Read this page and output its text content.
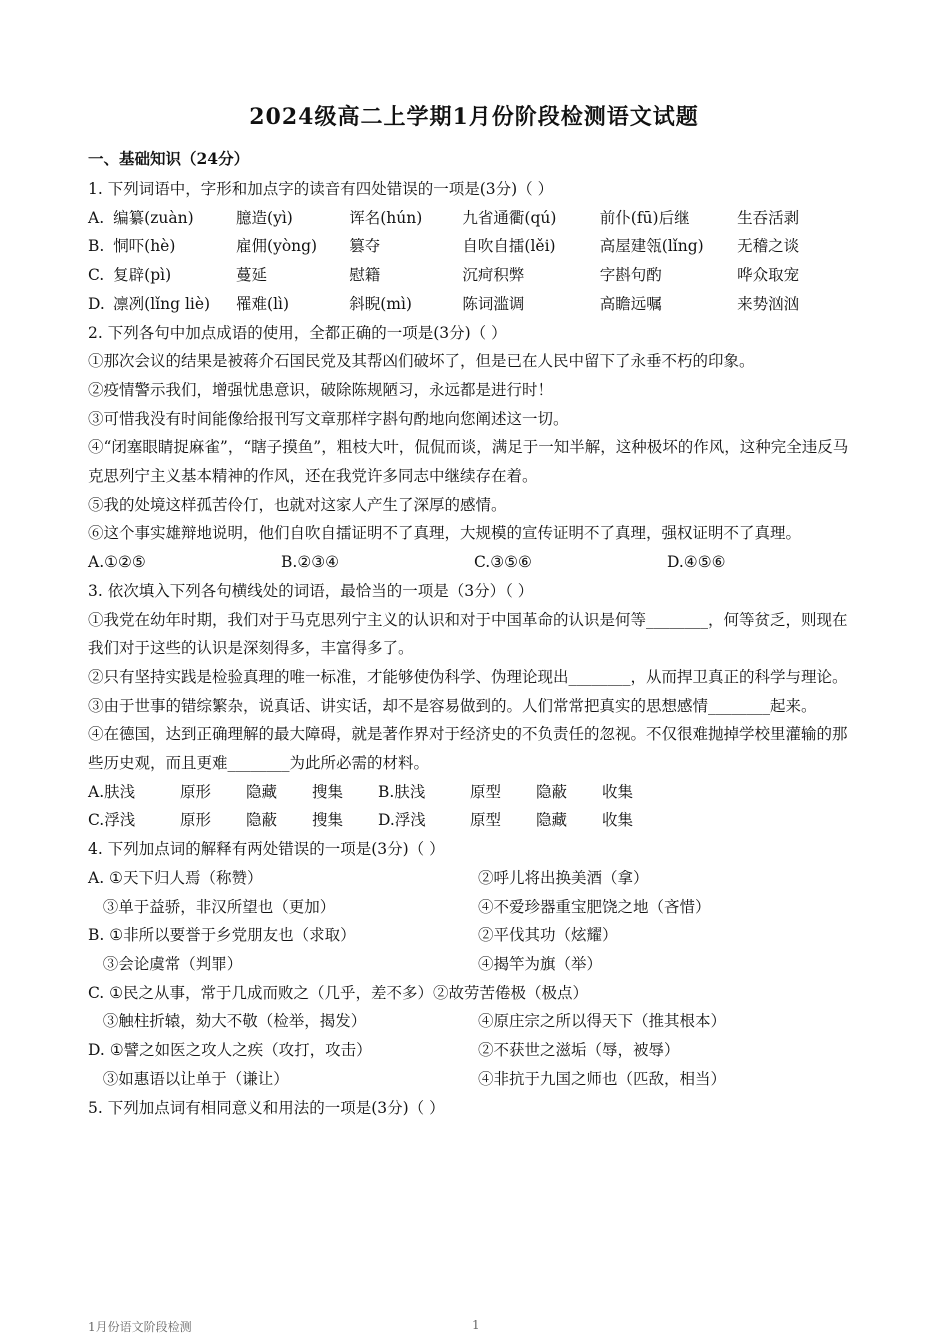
2024级高二上学期1月份阶段检测语文试题
一、基础知识（24分）
1. 下列词语中，字形和加点字的读音有四处错误的一项是(3分)（ ）
A. 编纂(zuàn)	臆造(yì)	诨名(hún)	九省通衢(qú)	前仆(fū)后继	生吞活剥
B. 恫吓(hè)	雇佣(yòng)	篡夺	自吹自擂(lěi)	高屋建瓴(lǐng)	无稽之谈
C. 复辟(pì)	蔓延	慰籍	沉疴积弊	字斟句酌	哗众取宠
D. 凛冽(lǐng liè)	罹难(lì)	斜睨(mì)	陈词滥调	高瞻远嘱	来势汹汹
2. 下列各句中加点成语的使用，全都正确的一项是(3分)（ ）
①那次会议的结果是被蒋介石国民党及其帮凶们破坏了，但是已在人民中留下了永垂不朽的印象。
②疫情警示我们，增强忧患意识，破除陈规陋习，永远都是进行时！
③可惜我没有时间能像给报刊写文章那样字斟句酌地向您阐述这一切。
④“闭塞眼睛捉麻雀”，“瞎子摸鱼”，粗枝大叶，侃侃而谈，满足于一知半解，这种极坏的作风，这种完全违反马克思列宁主义基本精神的作风，还在我党许多同志中继续存在着。
⑤我的处境这样孤苦伶仃，也就对这家人产生了深厚的感情。
⑥这个事实雄辩地说明，他们自吹自擂证明不了真理，大规模的宣传证明不了真理，强权证明不了真理。
A.①②⑤	B.②③④	C.③⑤⑥	D.④⑤⑥
3. 依次填入下列各句横线处的词语，最恰当的一项是（3分）（ ）
①我党在幼年时期，我们对于马克思列宁主义的认识和对于中国革命的认识是何等________，何等贫乏，则现在我们对于这些的认识是深刻得多，丰富得多了。
②只有坚持实践是检验真理的唯一标准，才能够使伪科学、伪理论现出________，从而捍卫真正的科学与理论。
③由于世事的错综繁杂，说真话、讲实话，却不是容易做到的。人们常常把真实的思想感情________起来。
④在德国，达到正确理解的最大障碍，就是著作界对于经济史的不负责任的忽视。不仅很难抛掉学校里灌输的那些历史观，而且更难________为此所必需的材料。
A.肤浅	原形	隐藏	搜集	B.肤浅	原型	隐蔽	收集
C.浮浅	原形	隐蔽	搜集	D.浮浅	原型	隐藏	收集
4. 下列加点词的解释有两处错误的一项是(3分)（ ）
A. ①天下归人焉（称赞）	②呼儿将出换美酒（拿）
③单于益骄，非汉所望也（更加）	④不爱珍器重宝肥饶之地（吝惜）
B. ①非所以要誉于乡党朋友也（求取）	②平伐其功（炫耀）
③会论虞常（判罪）	④揭竿为旗（举）
C. ①民之从事，常于几成而败之（几乎，差不多）②故劳苦倦极（极点）
③触柱折辕，劾大不敬（检举，揭发）	④原庄宗之所以得天下（推其根本）
D. ①譬之如医之攻人之疾（攻打，攻击）	②不获世之滋垢（辱，被辱）
③如惠语以让单于（谦让）	④非抗于九国之师也（匹敌，相当）
5. 下列加点词有相同意义和用法的一项是(3分)（ ）
1月份语文阶段检测	1
